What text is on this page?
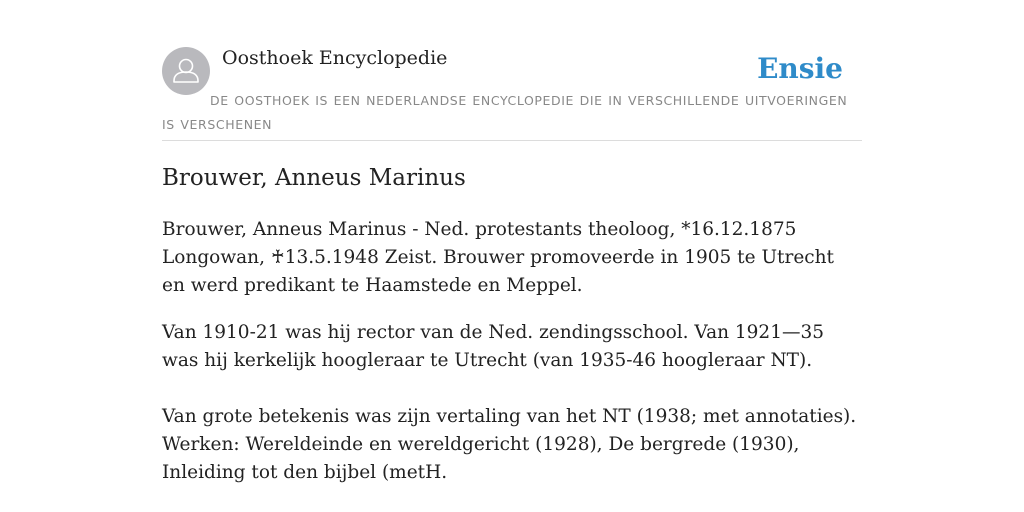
Oosthoek Encyclopedie	Ensie
DE OOSTHOEK IS EEN NEDERLANDSE ENCYCLOPEDIE DIE IN VERSCHILLENDE UITVOERINGEN IS VERSCHENEN
Brouwer, Anneus Marinus

Brouwer, Anneus Marinus - Ned. protestants theoloog, *16.12.1875 Longowan, ♰13.5.1948 Zeist. Brouwer promoveerde in 1905 te Utrecht en werd predikant te Haamstede en Meppel.

Van 1910-21 was hij rector van de Ned. zendingsschool. Van 1921—35 was hij kerkelijk hoogleraar te Utrecht (van 1935-46 hoogleraar NT).

Van grote betekenis was zijn vertaling van het NT (1938; met annotaties). Werken: Wereldeinde en wereldgericht (1928), De bergrede (1930), Inleiding tot den bijbel (metH.
